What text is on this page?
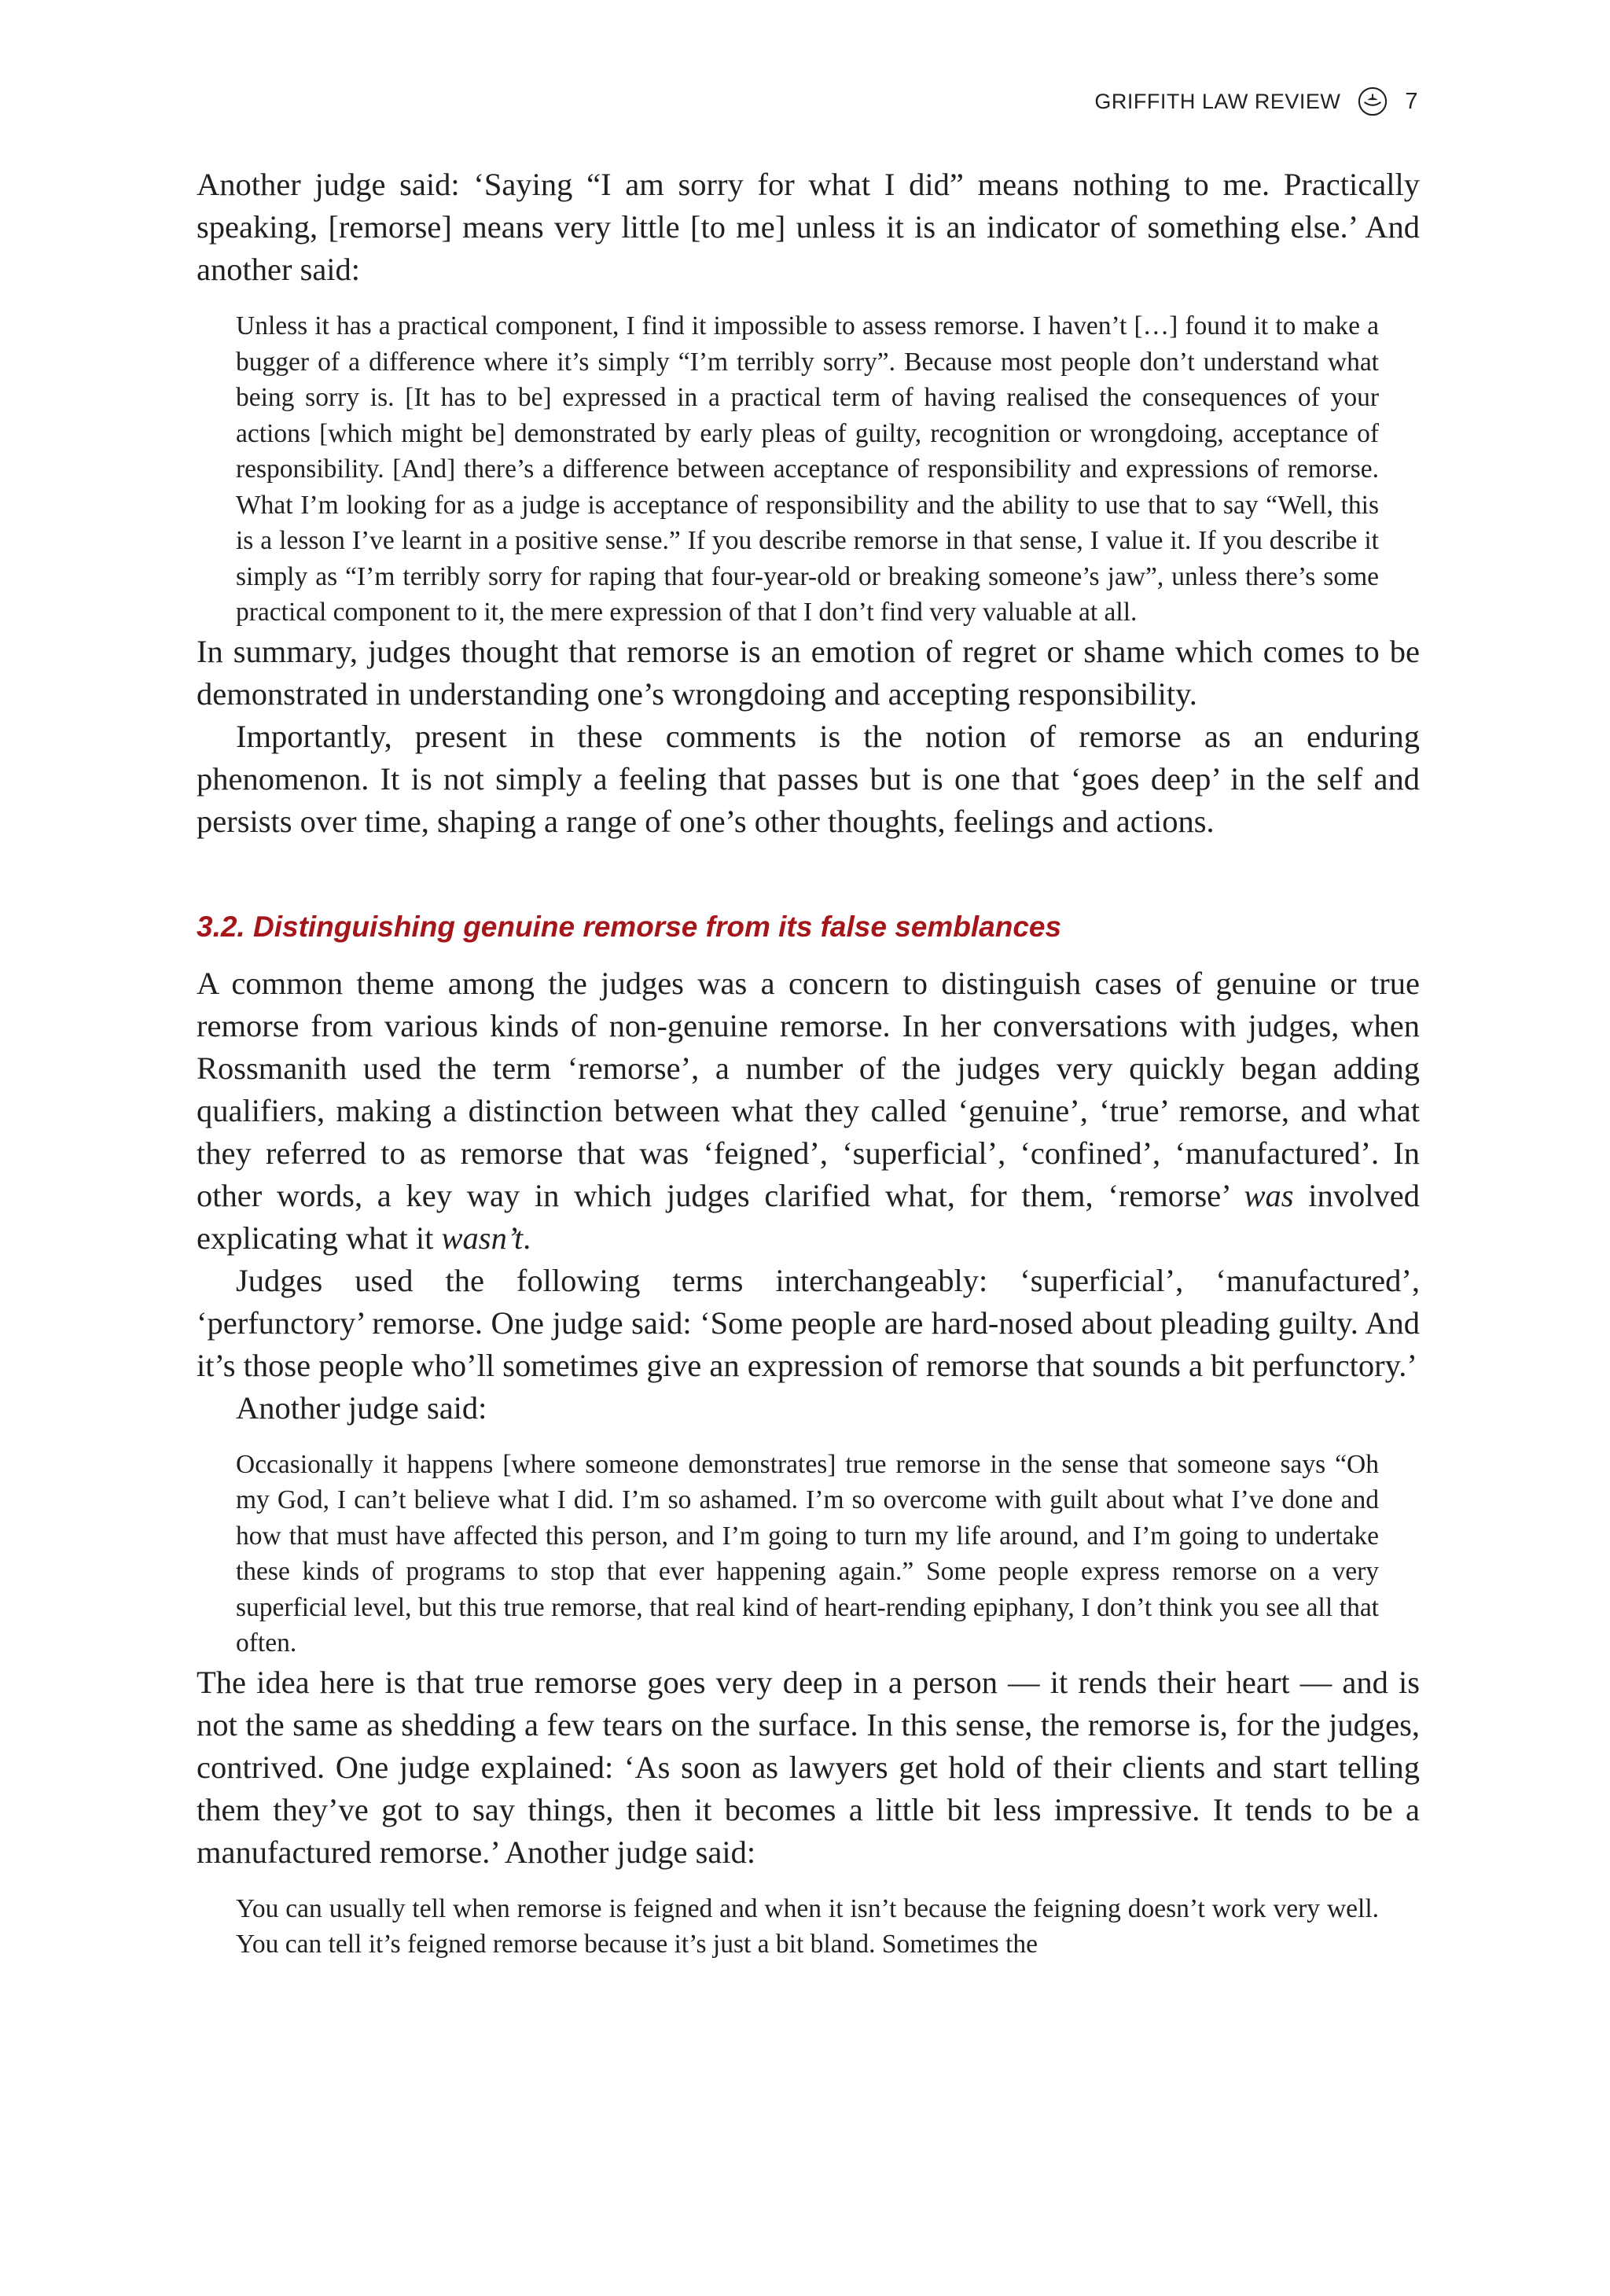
GRIFFITH LAW REVIEW	7

Another judge said: ‘Saying “I am sorry for what I did” means nothing to me. Practically speaking, [remorse] means very little [to me] unless it is an indicator of something else.’ And another said:

Unless it has a practical component, I find it impossible to assess remorse. I haven’t […] found it to make a bugger of a difference where it’s simply “I’m terribly sorry”. Because most people don’t understand what being sorry is. [It has to be] expressed in a practical term of having realised the consequences of your actions [which might be] demonstrated by early pleas of guilty, recognition or wrongdoing, acceptance of responsibility. [And] there’s a difference between acceptance of responsibility and expressions of remorse. What I’m looking for as a judge is acceptance of responsibility and the ability to use that to say “Well, this is a lesson I’ve learnt in a positive sense.” If you describe remorse in that sense, I value it. If you describe it simply as “I’m terribly sorry for raping that four-year-old or breaking someone’s jaw”, unless there’s some practical component to it, the mere expression of that I don’t find very valuable at all.

In summary, judges thought that remorse is an emotion of regret or shame which comes to be demonstrated in understanding one’s wrongdoing and accepting responsibility.

Importantly, present in these comments is the notion of remorse as an enduring phenomenon. It is not simply a feeling that passes but is one that ‘goes deep’ in the self and persists over time, shaping a range of one’s other thoughts, feelings and actions.

3.2. Distinguishing genuine remorse from its false semblances

A common theme among the judges was a concern to distinguish cases of genuine or true remorse from various kinds of non-genuine remorse. In her conversations with judges, when Rossmanith used the term ‘remorse’, a number of the judges very quickly began adding qualifiers, making a distinction between what they called ‘genuine’, ‘true’ remorse, and what they referred to as remorse that was ‘feigned’, ‘superficial’, ‘confined’, ‘manufactured’. In other words, a key way in which judges clarified what, for them, ‘remorse’ was involved explicating what it wasn’t.

Judges used the following terms interchangeably: ‘superficial’, ‘manufactured’, ‘perfunctory’ remorse. One judge said: ‘Some people are hard-nosed about pleading guilty. And it’s those people who’ll sometimes give an expression of remorse that sounds a bit perfunctory.’

Another judge said:

Occasionally it happens [where someone demonstrates] true remorse in the sense that someone says “Oh my God, I can’t believe what I did. I’m so ashamed. I’m so overcome with guilt about what I’ve done and how that must have affected this person, and I’m going to turn my life around, and I’m going to undertake these kinds of programs to stop that ever happening again.” Some people express remorse on a very superficial level, but this true remorse, that real kind of heart-rending epiphany, I don’t think you see all that often.

The idea here is that true remorse goes very deep in a person — it rends their heart — and is not the same as shedding a few tears on the surface. In this sense, the remorse is, for the judges, contrived. One judge explained: ‘As soon as lawyers get hold of their clients and start telling them they’ve got to say things, then it becomes a little bit less impressive. It tends to be a manufactured remorse.’ Another judge said:

You can usually tell when remorse is feigned and when it isn’t because the feigning doesn’t work very well. You can tell it’s feigned remorse because it’s just a bit bland. Sometimes the
